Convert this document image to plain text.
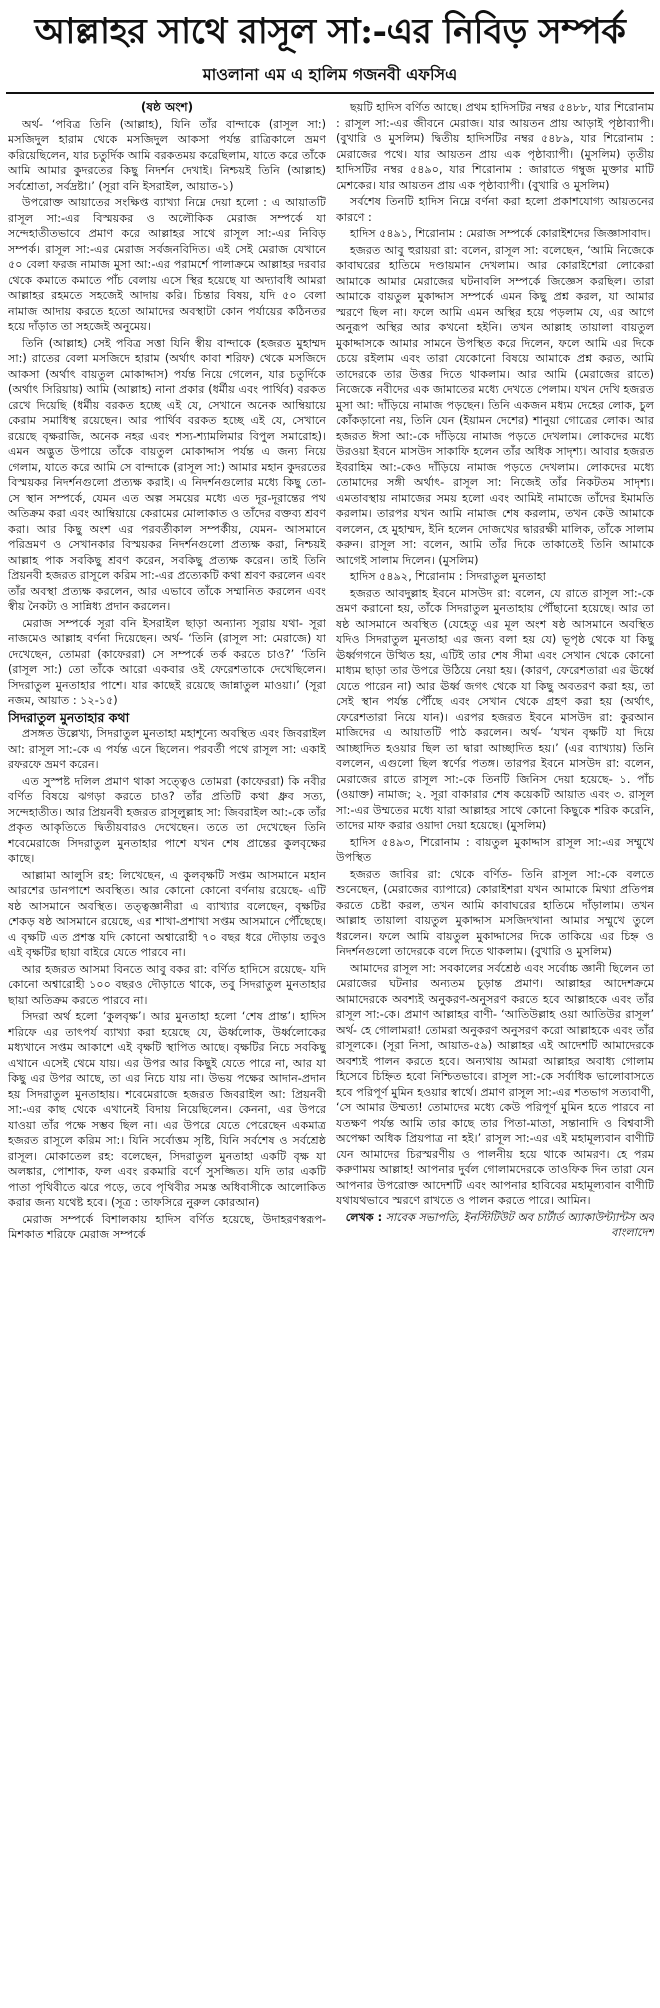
আল্লাহর সাথে রাসূল সা:-এর নিবিড় সম্পর্ক
মাওলানা এম এ হালিম গজনবী এফসিএ

(ষষ্ঠ অংশ)

অর্থ- ‘পবিত্র তিনি (আল্লাহ), যিনি তাঁর বান্দাকে (রাসূল সা:) মসজিদুল হারাম থেকে মসজিদুল আকসা পর্যন্ত রাত্রিকালে ভ্রমণ করিয়েছিলেন, যার চতুর্দিক আমি বরকতময় করেছিলাম, যাতে করে তাঁকে আমি আমার কুদরতের কিছু নিদর্শন দেখাই। নিশ্চয়ই তিনি (আল্লাহ) সর্বশ্রোতা, সর্বদ্রষ্টা।’ (সূরা বনি ইসরাইল, আয়াত-১)

উপরোক্ত আয়াতের সংক্ষিপ্ত ব্যাখ্যা নিম্নে দেয়া হলো : এ আয়াতটি রাসূল সা:-এর বিস্ময়কর ও অলৌকিক মেরাজ সম্পর্কে যা সন্দেহাতীতভাবে প্রমাণ করে আল্লাহর সাথে রাসূল সা:-এর নিবিড় সম্পর্ক। রাসূল সা:-এর মেরাজ সর্বজনবিদিত। এই সেই মেরাজ যেখানে ৫০ বেলা ফরজ নামাজ মুসা আ:-এর পরামর্শে পালাক্রমে আল্লাহর দরবার থেকে কমাতে কমাতে পাঁচ বেলায় এসে স্থির হয়েছে যা অদ্যাবধি আমরা আল্লাহর রহমতে সহজেই আদায় করি। চিন্তার বিষয়, যদি ৫০ বেলা নামাজ আদায় করতে হতো আমাদের অবস্থাটা কোন পর্যায়ের কঠিনতর হয়ে দাঁড়াত তা সহজেই অনুমেয়।

তিনি (আল্লাহ) সেই পবিত্র সত্তা যিনি স্বীয় বান্দাকে (হজরত মুহাম্মদ সা:) রাতের বেলা মসজিদে হারাম (অর্থাৎ কাবা শরিফ) থেকে মসজিদে আকসা (অর্থাৎ বায়তুল মোকাদ্দাস) পর্যন্ত নিয়ে গেলেন, যার চতুর্দিকে (অর্থাৎ সিরিয়ায়) আমি (আল্লাহ) নানা প্রকার (ধর্মীয় এবং পার্থিব) বরকত রেখে দিয়েছি (ধর্মীয় বরকত হচ্ছে এই যে, সেখানে অনেক আম্বিয়ায়ে কেরাম সমাধিস্থ রয়েছেন। আর পার্থিব বরকত হচ্ছে এই যে, সেখানে রয়েছে বৃক্ষরাজি, অনেক নহর এবং শস্য-শ্যামলিমার বিপুল সমারোহ)। এমন অদ্ভুত উপায়ে তাঁকে বায়তুল মোকাদ্দাস পর্যন্ত এ জন্য নিয়ে গেলাম, যাতে করে আমি সে বান্দাকে (রাসূল সা:) আমার মহান কুদরতের বিস্ময়কর নিদর্শনগুলো প্রত্যক্ষ করাই। এ নিদর্শনগুলোর মধ্যে কিছু তো- সে স্থান সম্পর্কে, যেমন এত অল্প সময়ের মধ্যে এত দূর-দূরান্তের পথ অতিক্রম করা এবং আম্বিয়ায়ে কেরামের মোলাকাত ও তাঁদের বক্তব্য শ্রবণ করা। আর কিছু অংশ এর পরবর্তীকাল সম্পর্কীয়, যেমন- আসমানে পরিভ্রমণ ও সেখানকার বিস্ময়কর নিদর্শনগুলো প্রত্যক্ষ করা, নিশ্চয়ই আল্লাহ পাক সবকিছু শ্রবণ করেন, সবকিছু প্রত্যক্ষ করেন। তাই তিনি প্রিয়নবী হজরত রাসূলে করিম সা:-এর প্রত্যেকটি কথা শ্রবণ করলেন এবং তাঁর অবস্থা প্রত্যক্ষ করলেন, আর এভাবে তাঁকে সম্মানিত করলেন এবং স্বীয় নৈকট্য ও সান্নিধ্য প্রদান করলেন।

মেরাজ সম্পর্কে সূরা বনি ইসরাইল ছাড়া অন্যান্য সূরায় যথা- সূরা নাজমেও আল্লাহ বর্ণনা দিয়েছেন। অর্থ- ‘তিনি (রাসূল সা: মেরাজে) যা দেখেছেন, তোমরা (কাফেররা) সে সম্পর্কে তর্ক করতে চাও?’ ‘তিনি (রাসূল সা:) তো তাঁকে আরো একবার ওই ফেরেশতাকে দেখেছিলেন। সিদরাতুল মুনতাহার পাশে। যার কাছেই রয়েছে জান্নাতুল মাওয়া।’ (সূরা নজম, আয়াত : ১২-১৫)

সিদরাতুল মুনতাহার কথা

প্রসঙ্গত উল্লেখ্য, সিদরাতুল মুনতাহা মহাশূন্যে অবস্থিত এবং জিবরাইল আ: রাসূল সা:-কে এ পর্যন্ত এনে ছিলেন। পরবর্তী পথে রাসূল সা: একাই রফরফে ভ্রমণ করেন।

এত সুস্পষ্ট দলিল প্রমাণ থাকা সত্ত্বেও তোমরা (কাফেররা) কি নবীর বর্ণিত বিষয়ে ঝগড়া করতে চাও? তাঁর প্রতিটি কথা ধ্রুব সত্য, সন্দেহাতীত। আর প্রিয়নবী হজরত রাসূলুল্লাহ সা: জিবরাইল আ:-কে তাঁর প্রকৃত আকৃতিতে দ্বিতীয়বারও দেখেছেন। ততে তা দেখেছেন তিনি শবেমেরাজে সিদরাতুল মুনতাহার পাশে যখন শেষ প্রান্তের কুলবৃক্ষের কাছে।

আল্লামা আলুসি রহ: লিখেছেন, এ কুলবৃক্ষটি সপ্তম আসমানে মহান আরশের ডানপাশে অবস্থিত। আর কোনো কোনো বর্ণনায় রয়েছে- এটি ষষ্ঠ আসমানে অবস্থিত। তত্ত্বজ্ঞানীরা এ ব্যাখ্যার বলেছেন, বৃক্ষটির শেকড় ষষ্ঠ আসমানে রয়েছে, এর শাখা-প্রশাখা সপ্তম আসমানে পৌঁছেছে। এ বৃক্ষটি এত প্রশস্ত যদি কোনো অশ্বারোহী ৭০ বছর ধরে দৌড়ায় তবুও এই বৃক্ষটির ছায়া বাইরে যেতে পারবে না।

আর হজরত আসমা বিনতে আবু বকর রা: বর্ণিত হাদিসে রয়েছে- যদি কোনো অশ্বারোহী ১০০ বছরও দৌড়াতে থাকে, তবু সিদরাতুল মুনতাহার ছায়া অতিক্রম করতে পারবে না।

সিদরা অর্থ হলো ‘কুলবৃক্ষ’। আর মুনতাহা হলো ‘শেষ প্রান্ত’। হাদিস শরিফে এর তাৎপর্য ব্যাখ্যা করা হয়েছে যে, ঊর্ধ্বলোক, উর্ধ্বলোকের মধ্যখানে সপ্তম আকাশে এই বৃক্ষটি স্থাপিত আছে। বৃক্ষটির নিচে সবকিছু এখানে এসেই থেমে যায়। এর উপর আর কিছুই যেতে পারে না, আর যা কিছু এর উপর আছে, তা এর নিচে যায় না। উভয় পক্ষের আদান-প্রদান হয় সিদরাতুল মুনতাহায়। শবেমেরাজে হজরত জিবরাইল আ: প্রিয়নবী সা:-এর কাছ থেকে এখানেই বিদায় নিয়েছিলেন। কেননা, এর উপরে যাওয়া তাঁর পক্ষে সম্ভব ছিল না। এর উপরে যেতে পেরেছেন একমাত্র হজরত রাসূলে করিম সা:। যিনি সর্বোত্তম সৃষ্টি, যিনি সর্বশেষ ও সর্বশ্রেষ্ঠ রাসূল। মোকাতেল রহ: বলেছেন, সিদরাতুল মুনতাহা একটি বৃক্ষ যা অলঙ্কার, পোশাক, ফল এবং রকমারি বর্ণে সুসজ্জিত। যদি তার একটি পাতা পৃথিবীতে ঝরে পড়ে, তবে পৃথিবীর সমস্ত অধিবাসীকে আলোকিত করার জন্য যথেষ্ট হবে। (সূত্র : তাফসিরে নুরুল কোরআন)

মেরাজ সম্পর্কে বিশালকায় হাদিস বর্ণিত হয়েছে, উদাহরণস্বরূপ- মিশকাত শরিফে মেরাজ সম্পর্কে

ছয়টি হাদিস বর্ণিত আছে। প্রথম হাদিসটির নম্বর ৫৪৮৮, যার শিরোনাম : রাসূল সা:-এর জীবনে মেরাজ। যার আয়তন প্রায় আড়াই পৃষ্ঠাব্যাপী। (বুখারি ও মুসলিম) দ্বিতীয় হাদিসটির নম্বর ৫৪৮৯, যার শিরোনাম : মেরাজের পথে। যার আয়তন প্রায় এক পৃষ্ঠাব্যাপী। (মুসলিম) তৃতীয় হাদিসটির নম্বর ৫৪৯০, যার শিরোনাম : জারাতে গম্বুজ মুক্তার মাটি মেশকের। যার আয়তন প্রায় এক পৃষ্ঠাব্যাপী। (বুখারি ও মুসলিম)

সর্বশেষ তিনটি হাদিস নিম্নে বর্ণনা করা হলো প্রকাশযোগ্য আয়তনের কারণে :

হাদিস ৫৪৯১, শিরোনাম : মেরাজ সম্পর্কে কোরাইশদের জিজ্ঞাসাবাদ।

হজরত আবু হুরায়রা রা: বলেন, রাসূল সা: বলেছেন, ‘আমি নিজেকে কাবাঘরের হাতিমে দণ্ডায়মান দেখলাম। আর কোরাইশেরা লোকেরা আমাকে আমার মেরাজের ঘটনাবলি সম্পর্কে জিজ্ঞেস করছিল। তারা আমাকে বায়তুল মুকাদ্দাস সম্পর্কে এমন কিছু প্রশ্ন করল, যা আমার স্মরণে ছিল না। ফলে আমি এমন অস্থির হয়ে পড়লাম যে, এর আগে অনুরূপ অস্থির আর কখনো হইনি। তখন আল্লাহ তায়ালা বায়তুল মুকাদ্দাসকে আমার সামনে উপস্থিত করে দিলেন, ফলে আমি এর দিকে চেয়ে রইলাম এবং তারা যেকোনো বিষয়ে আমাকে প্রশ্ন করত, আমি তাদেরকে তার উত্তর দিতে থাকলাম। আর আমি (মেরাজের রাতে) নিজেকে নবীদের এক জামাতের মধ্যে দেখতে পেলাম। যখন দেখি হজরত মুসা আ: দাঁড়িয়ে নামাজ পড়ছেন। তিনি একজন মধ্যম দেহের লোক, চুল কোঁকড়ানো নয়, তিনি যেন (ইয়ামন দেশের) শানুয়া গোত্রের লোক। আর হজরত ঈসা আ:-কে দাঁড়িয়ে নামাজ পড়তে দেখলাম। লোকদের মধ্যে উরওয়া ইবনে মাসউদ সাকাফি হলেন তাঁর অধিক সাদৃশ্য। আবার হজরত ইবরাহিম আ:-কেও দাঁড়িয়ে নামাজ পড়তে দেখলাম। লোকদের মধ্যে তোমাদের সঙ্গী অর্থাৎ- রাসূল সা: নিজেই তাঁর নিকটতম সাদৃশ্য। এমতাবস্থায় নামাজের সময় হলো এবং আমিই নামাজে তাঁদের ইমামতি করলাম। তারপর যখন আমি নামাজ শেষ করলাম, তখন কেউ আমাকে বললেন, হে মুহাম্মদ, ইনি হলেন দোজখের দ্বাররক্ষী মালিক, তাঁকে সালাম করুন। রাসূল সা: বলেন, আমি তাঁর দিকে তাকাতেই তিনি আমাকে আগেই সালাম দিলেন। (মুসলিম)

হাদিস ৫৪৯২, শিরোনাম : সিদরাতুল মুনতাহা

হজরত আবদুল্লাহ ইবনে মাসউদ রা: বলেন, যে রাতে রাসূল সা:-কে ভ্রমণ করানো হয়, তাঁকে সিদরাতুল মুনতাহায় পৌঁছানো হয়েছে। আর তা ষষ্ঠ আসমানে অবস্থিত (যেহেতু এর মূল অংশ ষষ্ঠ আসমানে অবস্থিত যদিও সিদরাতুল মুনতাহা এর জন্য বলা হয় যে) ভূপৃষ্ঠ থেকে যা কিছু ঊর্ধ্বগগনে উত্থিত হয়, এটিই তার শেষ সীমা এবং সেখান থেকে কোনো মাধ্যম ছাড়া তার উপরে উঠিয়ে নেয়া হয়। (কারণ, ফেরেশতারা এর ঊর্ধ্বে যেতে পারেন না) আর ঊর্ধ্ব জগৎ থেকে যা কিছু অবতরণ করা হয়, তা সেই স্থান পর্যন্ত পৌঁছে এবং সেখান থেকে গ্রহণ করা হয় (অর্থাৎ, ফেরেশতারা নিয়ে যান)। এরপর হজরত ইবনে মাসউদ রা: কুরআন মাজিদের এ আয়াতটি পাঠ করলেন। অর্থ- ‘যখন বৃক্ষটি যা দিয়ে আচ্ছাদিত হওয়ার ছিল তা দ্বারা আচ্ছাদিত হয়।’ (এর ব্যাখ্যায়) তিনি বললেন, এগুলো ছিল স্বর্ণের পতঙ্গ। তারপর ইবনে মাসউদ রা: বলেন, মেরাজের রাতে রাসূল সা:-কে তিনটি জিনিস দেয়া হয়েছে- ১. পাঁচ (ওয়াক্ত) নামাজ; ২. সূরা বাকারার শেষ কয়েকটি আয়াত এবং ৩. রাসূল সা:-এর উম্মতের মধ্যে যারা আল্লাহর সাথে কোনো কিছুকে শরিক করেনি, তাদের মাফ করার ওয়াদা দেয়া হয়েছে। (মুসলিম)

হাদিস ৫৪৯৩, শিরোনাম : বায়তুল মুকাদ্দাস রাসূল সা:-এর সম্মুখে উপস্থিত

হজরত জাবির রা: থেকে বর্ণিত- তিনি রাসূল সা:-কে বলতে শুনেছেন, (মেরাজের ব্যাপারে) কোরাইশরা যখন আমাকে মিথ্যা প্রতিপন্ন করতে চেষ্টা করল, তখন আমি কাবাঘরের হাতিমে দাঁড়ালাম। তখন আল্লাহ তায়ালা বায়তুল মুকাদ্দাস মসজিদখানা আমার সম্মুখে তুলে ধরলেন। ফলে আমি বায়তুল মুকাদ্দাসের দিকে তাকিয়ে এর চিহ্ন ও নিদর্শনগুলো তাদেরকে বলে দিতে থাকলাম। (বুখারি ও মুসলিম)

আমাদের রাসূল সা: সবকালের সর্বশ্রেষ্ঠ এবং সর্বোচ্চ জ্ঞানী ছিলেন তা মেরাজের ঘটনার অন্যতম চূড়ান্ত প্রমাণ। আল্লাহর আদেশক্রমে আমাদেরকে অবশ্যই অনুকরণ-অনুসরণ করতে হবে আল্লাহকে এবং তাঁর রাসূল সা:-কে। প্রমাণ আল্লাহর বাণী- ‘আতিউল্লাহ ওয়া আতিউর রাসূল’ অর্থ- হে গোলামরা! তোমরা অনুকরণ অনুসরণ করো আল্লাহকে এবং তাঁর রাসূলকে। (সূরা নিসা, আয়াত-৫৯) আল্লাহর এই আদেশটি আমাদেরকে অবশ্যই পালন করতে হবে। অন্যথায় আমরা আল্লাহর অবাধ্য গোলাম হিসেবে চিহ্নিত হবো নিশ্চিতভাবে। রাসূল সা:-কে সর্বাধিক ভালোবাসতে হবে পরিপূর্ণ মুমিন হওয়ার স্বার্থে। প্রমাণ রাসূল সা:-এর শতভাগ সত্যবাণী, ‘সে আমার উম্মত্য! তোমাদের মধ্যে কেউ পরিপূর্ণ মুমিন হতে পারবে না যতক্ষণ পর্যন্ত আমি তার কাছে তার পিতা-মাতা, সন্তানাদি ও বিশ্ববাসী অপেক্ষা অধিক প্রিয়পাত্র না হই।’ রাসূল সা:-এর এই মহামূল্যবান বাণীটি যেন আমাদের চিরস্মরণীয় ও পালনীয় হয়ে থাকে আমরণ। হে পরম করুণাময় আল্লাহ! আপনার দুর্বল গোলামদেরকে তাওফিক দিন তারা যেন আপনার উপরোক্ত আদেশটি এবং আপনার হাবিবের মহামূল্যবান বাণীটি যথাযথভাবে স্মরণে রাখতে ও পালন করতে পারে। আমিন।

লেখক : সাবেক সভাপতি, ইনস্টিটিউট অব চার্টার্ড অ্যাকাউন্ট্যান্টস অব বাংলাদেশ
